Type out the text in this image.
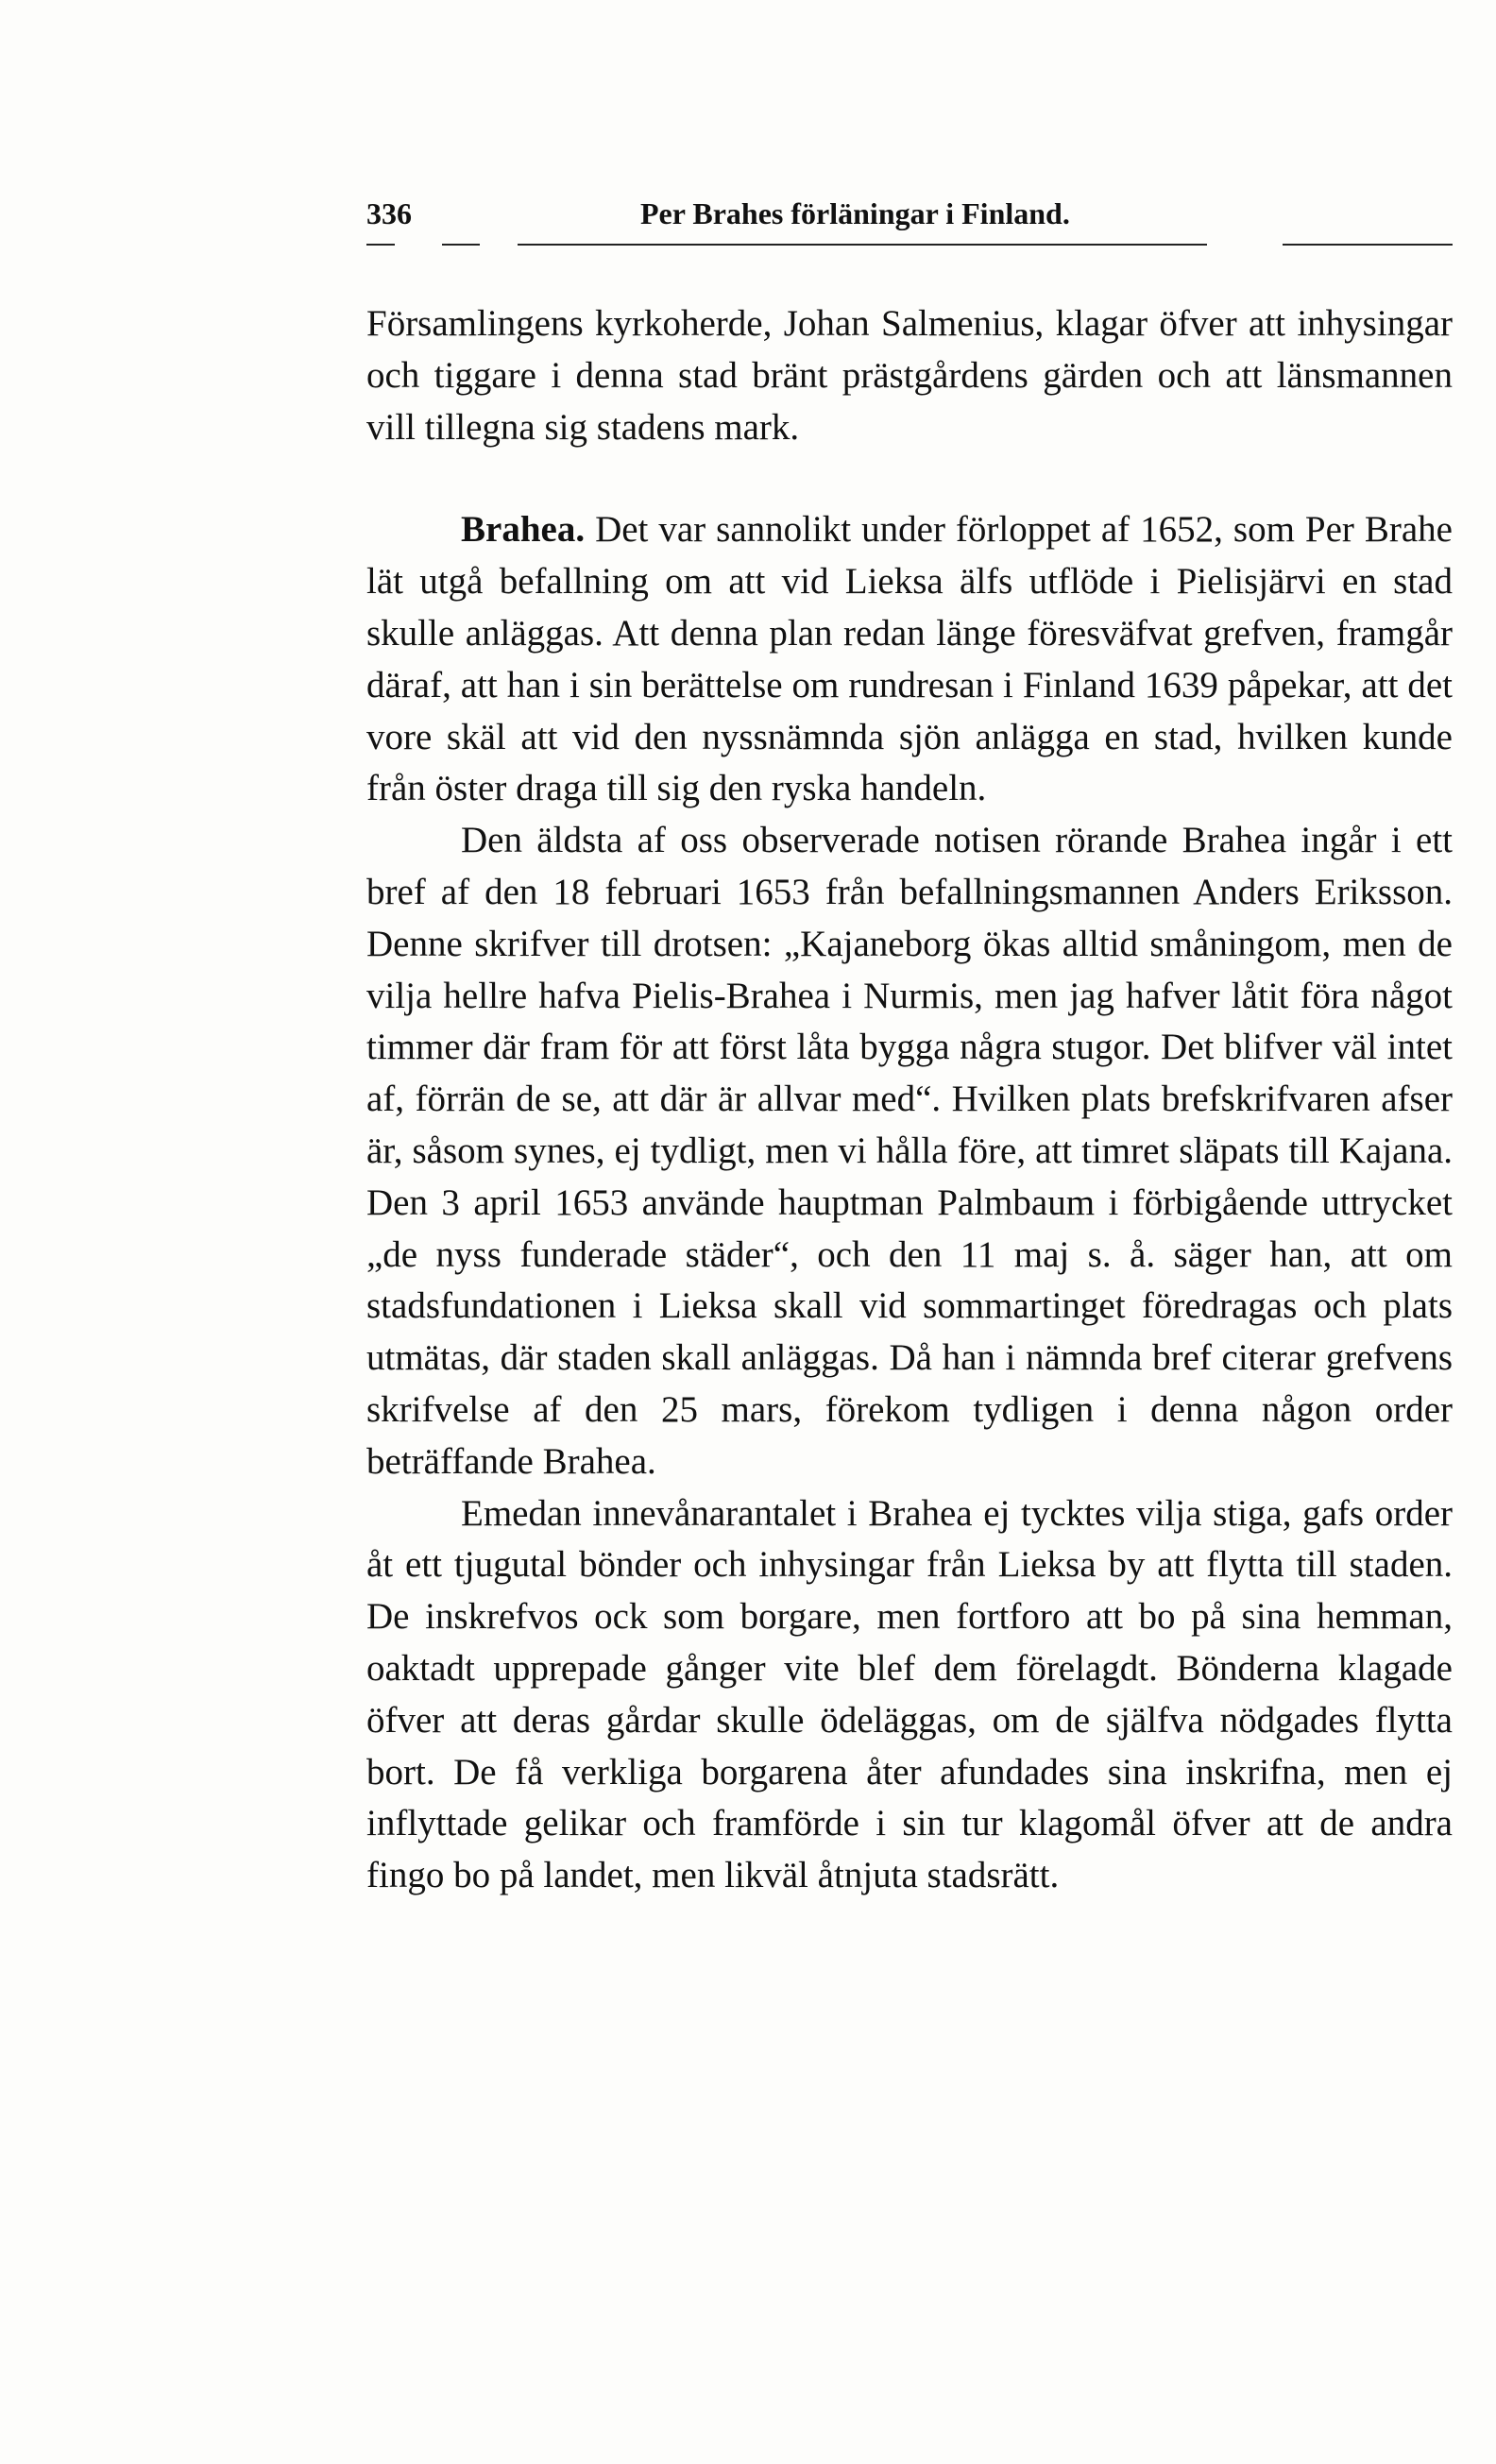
336	Per Brahes förläningar i Finland.

Församlingens kyrkoherde, Johan Salmenius, klagar öfver att inhysingar och tiggare i denna stad bränt prästgårdens gärden och att länsmannen vill tillegna sig stadens mark.

Brahea. Det var sannolikt under förloppet af 1652, som Per Brahe lät utgå befallning om att vid Lieksa älfs utflöde i Pielisjärvi en stad skulle anläggas. Att denna plan redan länge föresväfvat grefven, framgår däraf, att han i sin berättelse om rundresan i Finland 1639 påpekar, att det vore skäl att vid den nyssnämnda sjön anlägga en stad, hvilken kunde från öster draga till sig den ryska handeln.

Den äldsta af oss observerade notisen rörande Brahea ingår i ett bref af den 18 februari 1653 från befallningsmannen Anders Eriksson. Denne skrifver till drotsen: „Kajaneborg ökas alltid småningom, men de vilja hellre hafva Pielis-Brahea i Nurmis, men jag hafver låtit föra något timmer där fram för att först låta bygga några stugor. Det blifver väl intet af, förrän de se, att där är allvar med“. Hvilken plats brefskrifvaren afser är, såsom synes, ej tydligt, men vi hålla före, att timret släpats till Kajana. Den 3 april 1653 använde hauptman Palmbaum i förbigående uttrycket „de nyss funderade städer“, och den 11 maj s. å. säger han, att om stadsfundationen i Lieksa skall vid sommartinget föredragas och plats utmätas, där staden skall anläggas. Då han i nämnda bref citerar grefvens skrifvelse af den 25 mars, förekom tydligen i denna någon order beträffande Brahea.

Emedan innevånarantalet i Brahea ej tycktes vilja stiga, gafs order åt ett tjugutal bönder och inhysingar från Lieksa by att flytta till staden. De inskrefvos ock som borgare, men fortforo att bo på sina hemman, oaktadt upprepade gånger vite blef dem förelagdt. Bönderna klagade öfver att deras gårdar skulle ödeläggas, om de själfva nödgades flytta bort. De få verkliga borgarena åter afundades sina inskrifna, men ej inflyttade gelikar och framförde i sin tur klagomål öfver att de andra fingo bo på landet, men likväl åtnjuta stadsrätt.
